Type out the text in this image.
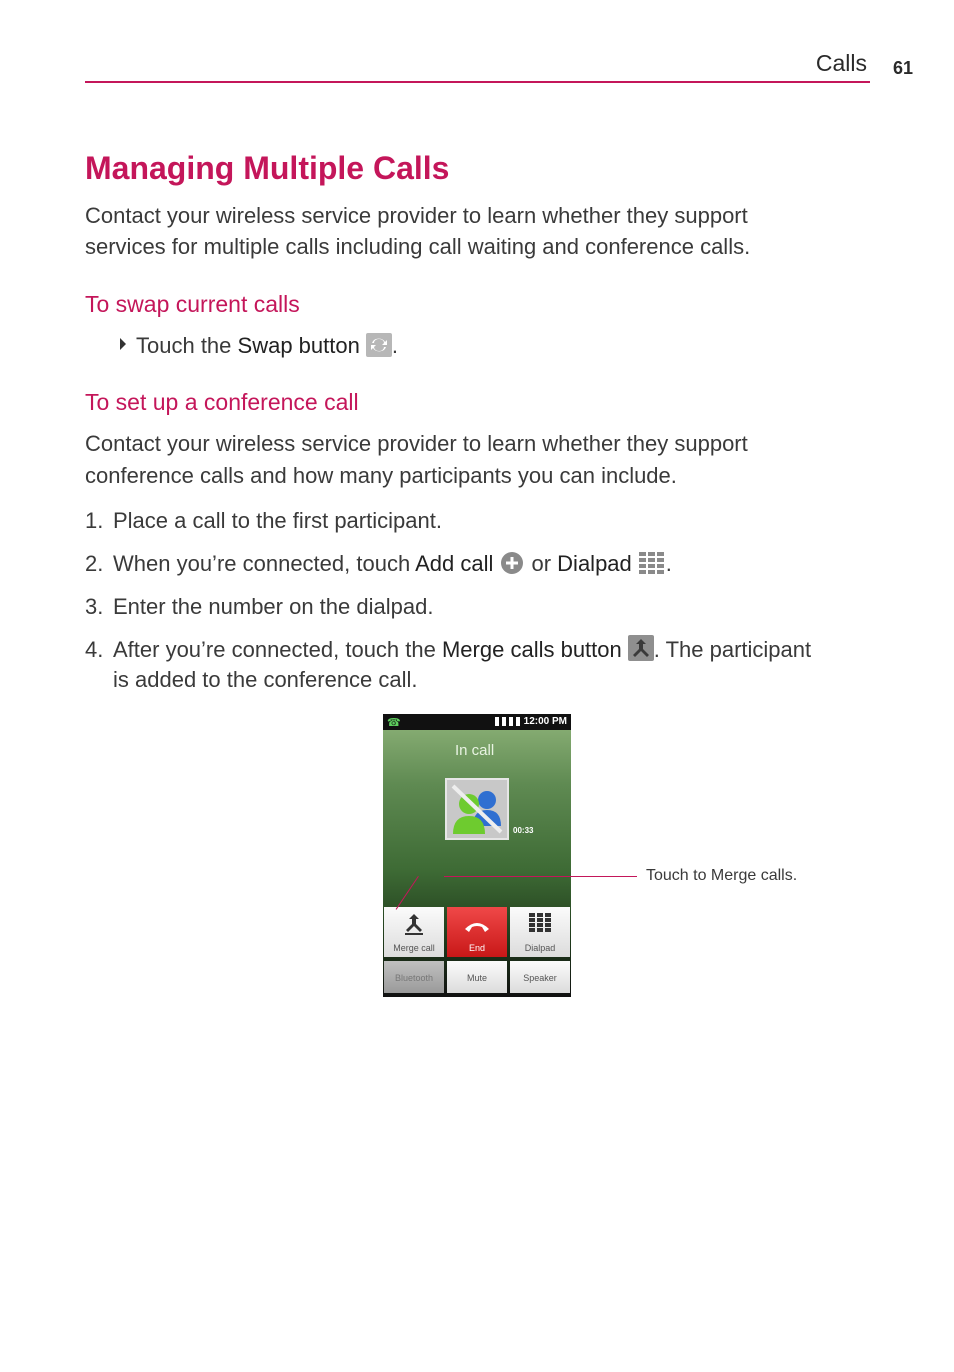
Calls 61
Managing Multiple Calls

Contact your wireless service provider to learn whether they support

services for multiple calls including call waiting and conference calls.

To swap current calls
Touch the Swap button .
To set up a conference call

Contact your wireless service provider to learn whether they support

conference calls and how many participants you can include.

1. Place a call to the first participant.
2. When you’re connected, touch Add call or Dialpad .
3. Enter the number on the dialpad.
4. After you’re connected, touch the Merge calls button . The participant
is added to the conference call.
☎	12:00 PM
In call
00:33
Merge call	End	Dialpad
Bluetooth	Mute	Speaker
Touch to Merge calls.
